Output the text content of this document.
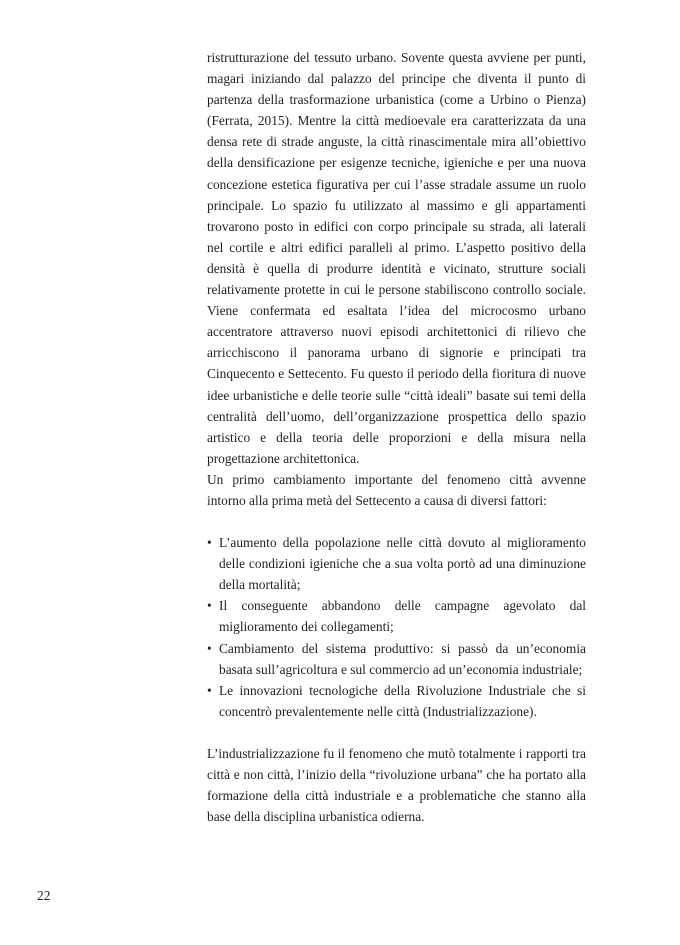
ristrutturazione del tessuto urbano. Sovente questa avviene per punti, magari iniziando dal palazzo del principe che diventa il punto di partenza della trasformazione urbanistica (come a Urbino o Pienza) (Ferrata, 2015). Mentre la città medioevale era caratterizzata da una densa rete di strade anguste, la città rinascimentale mira all’obiettivo della densificazione per esigenze tecniche, igieniche e per una nuova concezione estetica figurativa per cui l’asse stradale assume un ruolo principale. Lo spazio fu utilizzato al massimo e gli appartamenti trovarono posto in edifici con corpo principale su strada, ali laterali nel cortile e altri edifici paralleli al primo. L’aspetto positivo della densità è quella di produrre identità e vicinato, strutture sociali relativamente protette in cui le persone stabiliscono controllo sociale. Viene confermata ed esaltata l’idea del microcosmo urbano accentratore attraverso nuovi episodi architettonici di rilievo che arricchiscono il panorama urbano di signorie e principati tra Cinquecento e Settecento. Fu questo il periodo della fioritura di nuove idee urbanistiche e delle teorie sulle “città ideali” basate sui temi della centralità dell’uomo, dell’organizzazione prospettica dello spazio artistico e della teoria delle proporzioni e della misura nella progettazione architettonica.

Un primo cambiamento importante del fenomeno città avvenne intorno alla prima metà del Settecento a causa di diversi fattori:

• L’aumento della popolazione nelle città dovuto al miglioramento delle condizioni igieniche che a sua volta portò ad una diminuzione della mortalità;
• Il conseguente abbandono delle campagne agevolato dal miglioramento dei collegamenti;
• Cambiamento del sistema produttivo: si passò da un’economia basata sull’agricoltura e sul commercio ad un’economia industriale;
• Le innovazioni tecnologiche della Rivoluzione Industriale che si concentrò prevalentemente nelle città (Industrializzazione).

L’industrializzazione fu il fenomeno che mutò totalmente i rapporti tra città e non città, l’inizio della “rivoluzione urbana” che ha portato alla formazione della città industriale e a problematiche che stanno alla base della disciplina urbanistica odierna.

22
